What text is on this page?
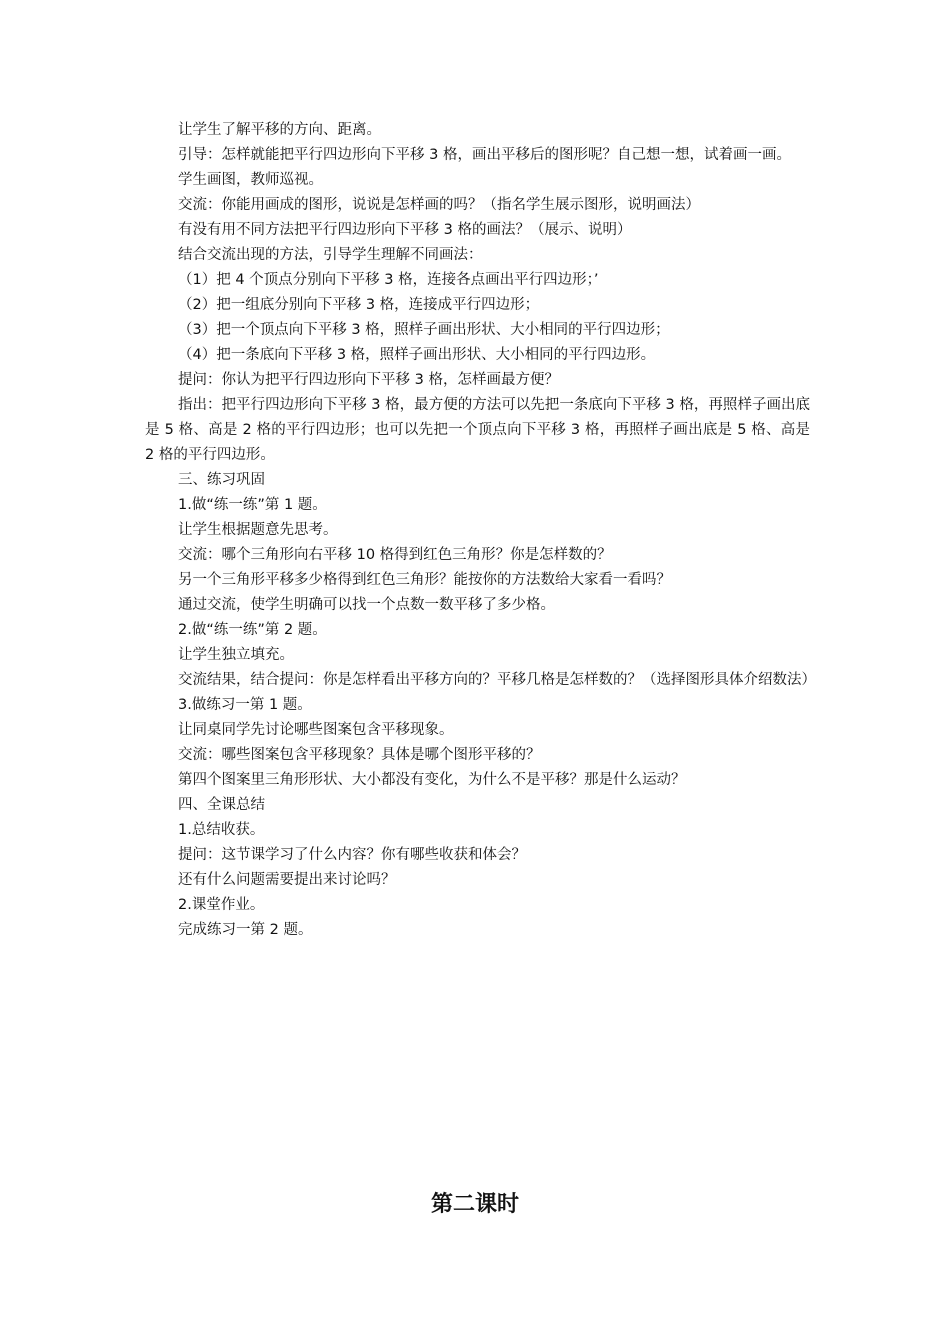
让学生了解平移的方向、距离。

引导：怎样就能把平行四边形向下平移 3 格，画出平移后的图形呢？自己想一想，试着画一画。

学生画图，教师巡视。

交流：你能用画成的图形，说说是怎样画的吗？（指名学生展示图形，说明画法）

有没有用不同方法把平行四边形向下平移 3 格的画法？（展示、说明）

结合交流出现的方法，引导学生理解不同画法：

（1）把 4 个顶点分别向下平移 3 格，连接各点画出平行四边形；’

（2）把一组底分别向下平移 3 格，连接成平行四边形；

（3）把一个顶点向下平移 3 格，照样子画出形状、大小相同的平行四边形；

（4）把一条底向下平移 3 格，照样子画出形状、大小相同的平行四边形。

提问：你认为把平行四边形向下平移 3 格，怎样画最方便？

指出：把平行四边形向下平移 3 格，最方便的方法可以先把一条底向下平移 3 格，再照样子画出底是 5 格、高是 2 格的平行四边形；也可以先把一个顶点向下平移 3 格，再照样子画出底是 5 格、高是 2 格的平行四边形。

三、练习巩固

1.做“练一练”第 1 题。

让学生根据题意先思考。

交流：哪个三角形向右平移 10 格得到红色三角形？你是怎样数的？

另一个三角形平移多少格得到红色三角形？能按你的方法数给大家看一看吗？

通过交流，使学生明确可以找一个点数一数平移了多少格。

2.做“练一练”第 2 题。

让学生独立填充。

交流结果，结合提问：你是怎样看出平移方向的？平移几格是怎样数的？（选择图形具体介绍数法）

3.做练习一第 1 题。

让同桌同学先讨论哪些图案包含平移现象。

交流：哪些图案包含平移现象？具体是哪个图形平移的？

第四个图案里三角形形状、大小都没有变化，为什么不是平移？那是什么运动？

四、全课总结

1.总结收获。

提问：这节课学习了什么内容？你有哪些收获和体会？

还有什么问题需要提出来讨论吗？

2.课堂作业。

完成练习一第 2 题。

第二课时
